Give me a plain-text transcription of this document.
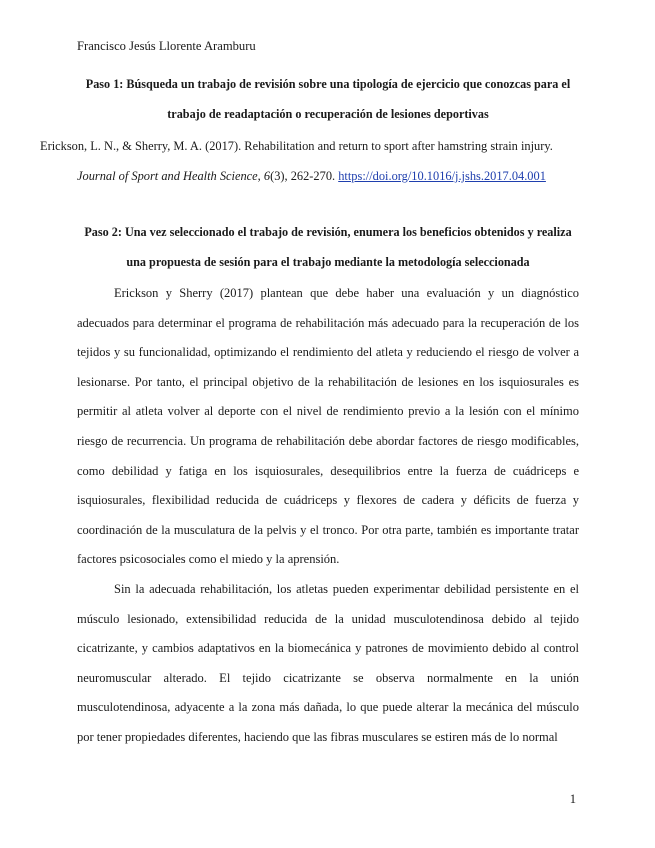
Francisco Jesús Llorente Aramburu
Paso 1: Búsqueda un trabajo de revisión sobre una tipología de ejercicio que conozcas para el trabajo de readaptación o recuperación de lesiones deportivas
Erickson, L. N., & Sherry, M. A. (2017). Rehabilitation and return to sport after hamstring strain injury.
Journal of Sport and Health Science, 6(3), 262-270. https://doi.org/10.1016/j.jshs.2017.04.001
Paso 2: Una vez seleccionado el trabajo de revisión, enumera los beneficios obtenidos y realiza una propuesta de sesión para el trabajo mediante la metodología seleccionada

Erickson y Sherry (2017) plantean que debe haber una evaluación y un diagnóstico adecuados para determinar el programa de rehabilitación más adecuado para la recuperación de los tejidos y su funcionalidad, optimizando el rendimiento del atleta y reduciendo el riesgo de volver a lesionarse. Por tanto, el principal objetivo de la rehabilitación de lesiones en los isquiosurales es permitir al atleta volver al deporte con el nivel de rendimiento previo a la lesión con el mínimo riesgo de recurrencia. Un programa de rehabilitación debe abordar factores de riesgo modificables, como debilidad y fatiga en los isquiosurales, desequilibrios entre la fuerza de cuádriceps e isquiosurales, flexibilidad reducida de cuádriceps y flexores de cadera y déficits de fuerza y coordinación de la musculatura de la pelvis y el tronco. Por otra parte, también es importante tratar factores psicosociales como el miedo y la aprensión.

Sin la adecuada rehabilitación, los atletas pueden experimentar debilidad persistente en el músculo lesionado, extensibilidad reducida de la unidad musculotendinosa debido al tejido cicatrizante, y cambios adaptativos en la biomecánica y patrones de movimiento debido al control neuromuscular alterado. El tejido cicatrizante se observa normalmente en la unión musculotendinosa, adyacente a la zona más dañada, lo que puede alterar la mecánica del músculo por tener propiedades diferentes, haciendo que las fibras musculares se estiren más de lo normal

1
